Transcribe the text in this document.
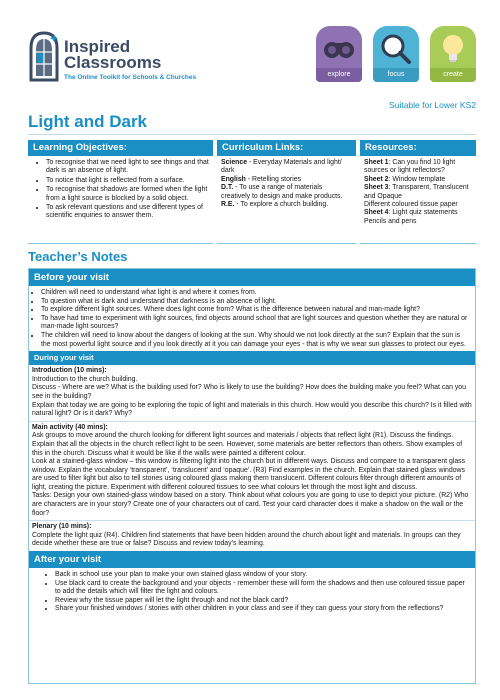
Inspired
Classrooms
The Online Toolkit for Schools & Churches	explore	focus	create
Suitable for Lower KS2
Light and Dark
Learning Objectives:
• To recognise that we need light to see things and that dark is an absence of light.
• To notice that light is reflected from a surface.
• To recognise that shadows are formed when the light from a light source is blocked by a solid object.
• To ask relevant questions and use different types of scientific enquiries to answer them.
Curriculum Links:
Science - Everyday Materials and light/ dark
English - Retelling stories
D.T. - To use a range of materials creatively to design and make products.
R.E. - To explore a church building.
Resources:
Sheet 1: Can you find 10 light sources or light reflectors?
Sheet 2: Window template
Sheet 3: Transparent, Translucent and Opaque
Different coloured tissue paper
Sheet 4: Light quiz statements
Pencils and pens
Teacher’s Notes
Before your visit
• Children will need to understand what light is and where it comes from.
• To question what is dark and understand that darkness is an absence of light.
• To explore different light sources. Where does light come from? What is the difference between natural and man-made light?
• To have had time to experiment with light sources, find objects around school that are light sources and question whether they are natural or man-made light sources?
• The children will need to know about the dangers of looking at the sun. Why should we not look directly at the sun? Explain that the sun is the most powerful light source and if you look directly at it you can damage your eyes - that is why we wear sun glasses to protect our eyes.
During your visit

Introduction (10 mins):

Introduction to the church building.

Discuss - Where are we? What is the building used for? Who is likely to use the building? How does the building make you feel? What can you see in the building?

Explain that today we are going to be exploring the topic of light and materials in this church. How would you describe this church? Is it filled with natural light? Or is it dark? Why?

Main activity (40 mins):

Ask groups to move around the church looking for different light sources and materials / objects that reflect light (R1). Discuss the findings. Explain that all the objects in the church reflect light to be seen. However, some materials are better reflectors than others. Show examples of this in the church. Discuss what it would be like if the walls were painted a different colour.

Look at a stained-glass window – this window is filtering light into the church but in different ways. Discuss and compare to a transparent glass window. Explain the vocabulary ‘transparent’, ‘translucent’ and ‘opaque’. (R3) Find examples in the church. Explain that stained glass windows are used to filter light but also to tell stories using coloured glass making them translucent. Different colours filter through different amounts of light, creating the picture. Experiment with different coloured tissues to see what colours let through the most light and discuss.

Tasks: Design your own stained-glass window based on a story. Think about what colours you are going to use to depict your picture. (R2) Who are characters are in your story? Create one of your characters out of card. Test your card character does it make a shadow on the wall or the floor?

Plenary (10 mins):

Complete the light quiz (R4). Children find statements that have been hidden around the church about light and materials. In groups can they decide whether these are true or false? Discuss and review today’s learning.

After your visit
• Back in school use your plan to make your own stained glass window of your story.
• Use black card to create the background and your objects - remember these will form the shadows and then use coloured tissue paper to add the details which will filter the light and colours.
• Review why the tissue paper will let the light through and not the black card?
• Share your finished windows / stories with other children in your class and see if they can guess your story from the reflections?
